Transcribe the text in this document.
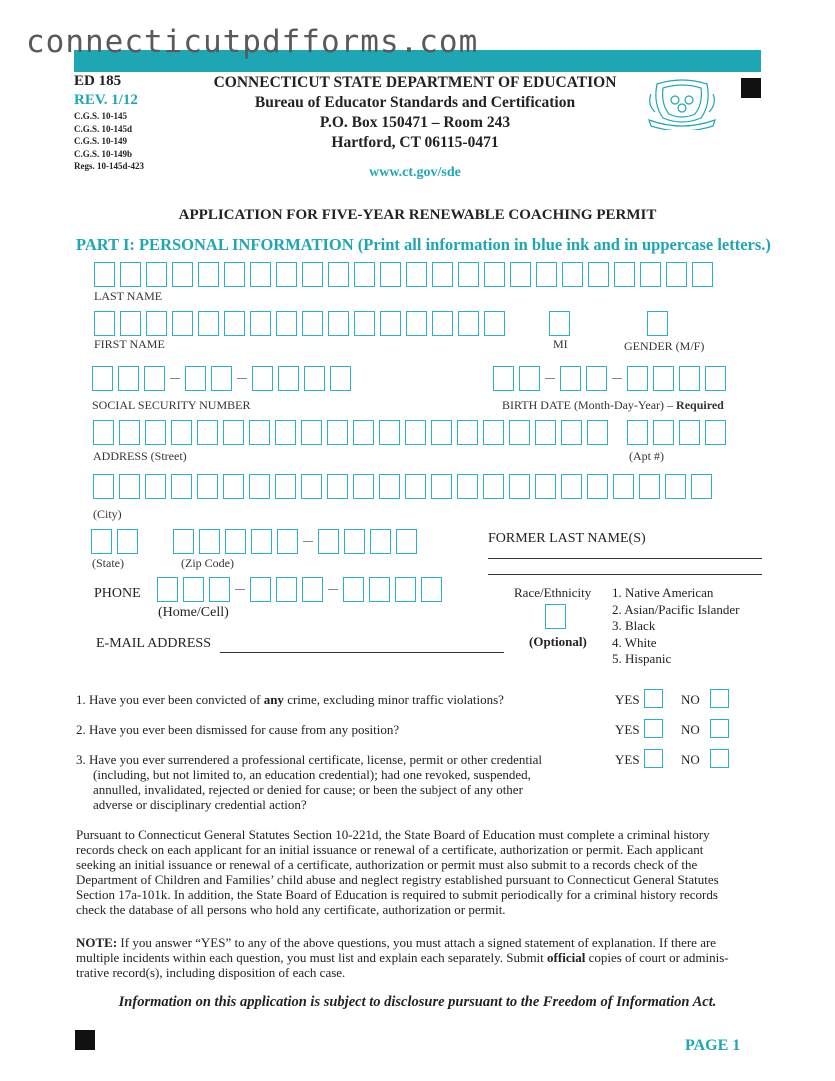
connecticutpdfforms.com
ED 185
REV. 1/12
C.G.S. 10-145
C.G.S. 10-145d
C.G.S. 10-149
C.G.S. 10-149b
Regs. 10-145d-423
CONNECTICUT STATE DEPARTMENT OF EDUCATION
Bureau of Educator Standards and Certification
P.O. Box 150471 – Room 243
Hartford, CT 06115-0471
www.ct.gov/sde
APPLICATION FOR FIVE-YEAR RENEWABLE COACHING PERMIT
PART I: PERSONAL INFORMATION (Print all information in blue ink and in uppercase letters.)
LAST NAME
FIRST NAME	MI	GENDER (M/F)
SOCIAL SECURITY NUMBER	BIRTH DATE (Month-Day-Year) – Required
ADDRESS (Street)	(Apt #)
(City)
(State)	(Zip Code)
FORMER LAST NAME(S)
PHONE
(Home/Cell)
E-MAIL ADDRESS
Race/Ethnicity
(Optional)
1. Native American
2. Asian/Pacific Islander
3. Black
4. White
5. Hispanic
1. Have you ever been convicted of any crime, excluding minor traffic violations?	YES	NO
2. Have you ever been dismissed for cause from any position?	YES	NO
3. Have you ever surrendered a professional certificate, license, permit or other credential
(including, but not limited to, an education credential); had one revoked, suspended,
annulled, invalidated, rejected or denied for cause; or been the subject of any other
adverse or disciplinary credential action?
YES	NO
Pursuant to Connecticut General Statutes Section 10-221d, the State Board of Education must complete a criminal history
records check on each applicant for an initial issuance or renewal of a certificate, authorization or permit. Each applicant
seeking an initial issuance or renewal of a certificate, authorization or permit must also submit to a records check of the
Department of Children and Families’ child abuse and neglect registry established pursuant to Connecticut General Statutes
Section 17a-101k. In addition, the State Board of Education is required to submit periodically for a criminal history records
check the database of all persons who hold any certificate, authorization or permit.
NOTE: If you answer “YES” to any of the above questions, you must attach a signed statement of explanation. If there are
multiple incidents within each question, you must list and explain each separately. Submit official copies of court or adminis-
trative record(s), including disposition of each case.
Information on this application is subject to disclosure pursuant to the Freedom of Information Act.
PAGE 1
